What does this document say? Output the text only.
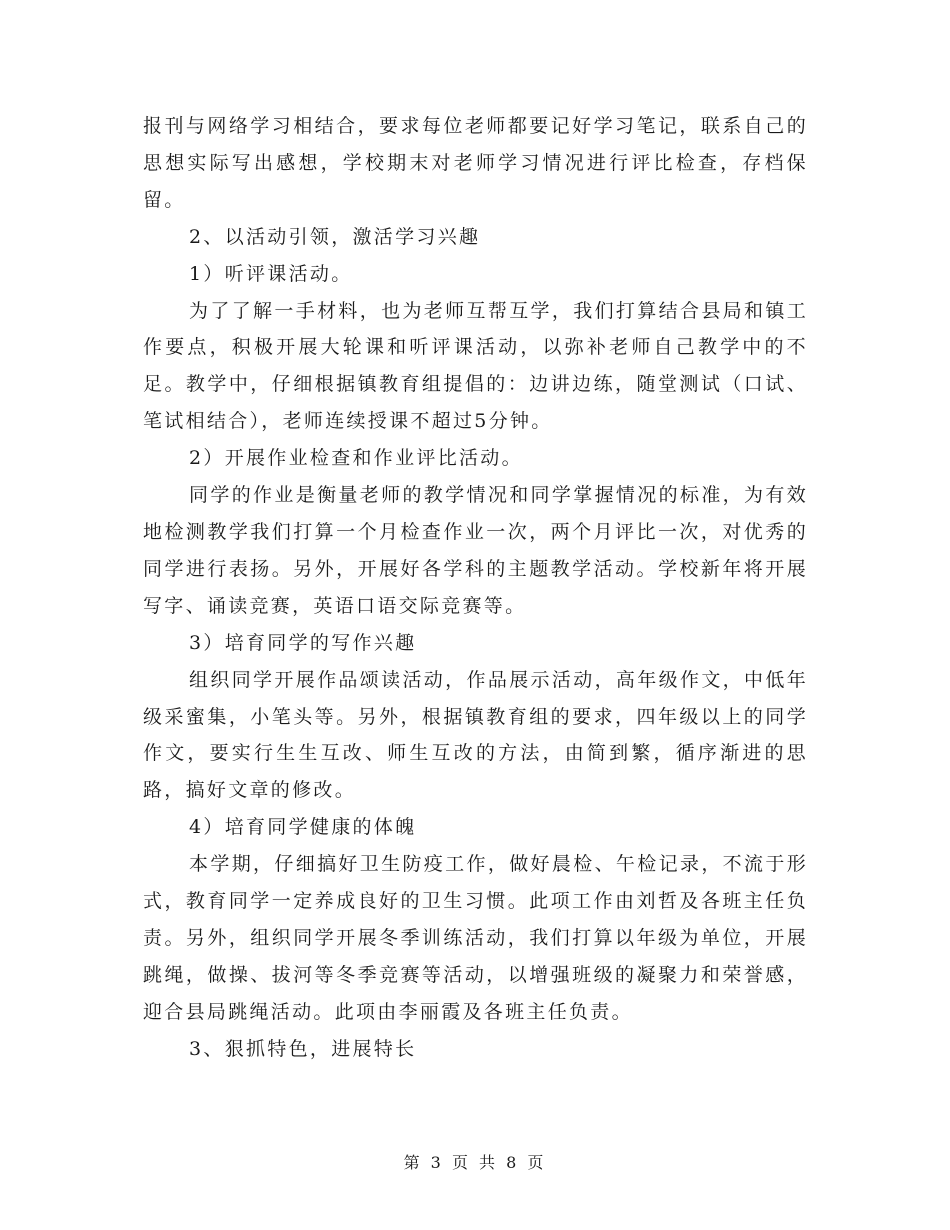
报刊与网络学习相结合，要求每位老师都要记好学习笔记，联系自己的思想实际写出感想，学校期末对老师学习情况进行评比检查，存档保留。

2、以活动引领，激活学习兴趣

1）听评课活动。

为了了解一手材料，也为老师互帮互学，我们打算结合县局和镇工作要点，积极开展大轮课和听评课活动，以弥补老师自己教学中的不足。教学中，仔细根据镇教育组提倡的：边讲边练，随堂测试（口试、笔试相结合），老师连续授课不超过5分钟。

2）开展作业检查和作业评比活动。

同学的作业是衡量老师的教学情况和同学掌握情况的标准，为有效地检测教学我们打算一个月检查作业一次，两个月评比一次，对优秀的同学进行表扬。另外，开展好各学科的主题教学活动。学校新年将开展写字、诵读竞赛，英语口语交际竞赛等。

3）培育同学的写作兴趣

组织同学开展作品颂读活动，作品展示活动，高年级作文，中低年级采蜜集，小笔头等。另外，根据镇教育组的要求，四年级以上的同学作文，要实行生生互改、师生互改的方法，由简到繁，循序渐进的思路，搞好文章的修改。

4）培育同学健康的体魄

本学期，仔细搞好卫生防疫工作，做好晨检、午检记录，不流于形式，教育同学一定养成良好的卫生习惯。此项工作由刘哲及各班主任负责。另外，组织同学开展冬季训练活动，我们打算以年级为单位，开展跳绳，做操、拔河等冬季竞赛等活动，以增强班级的凝聚力和荣誉感，迎合县局跳绳活动。此项由李丽霞及各班主任负责。

3、狠抓特色，进展特长

第 3 页 共 8 页
